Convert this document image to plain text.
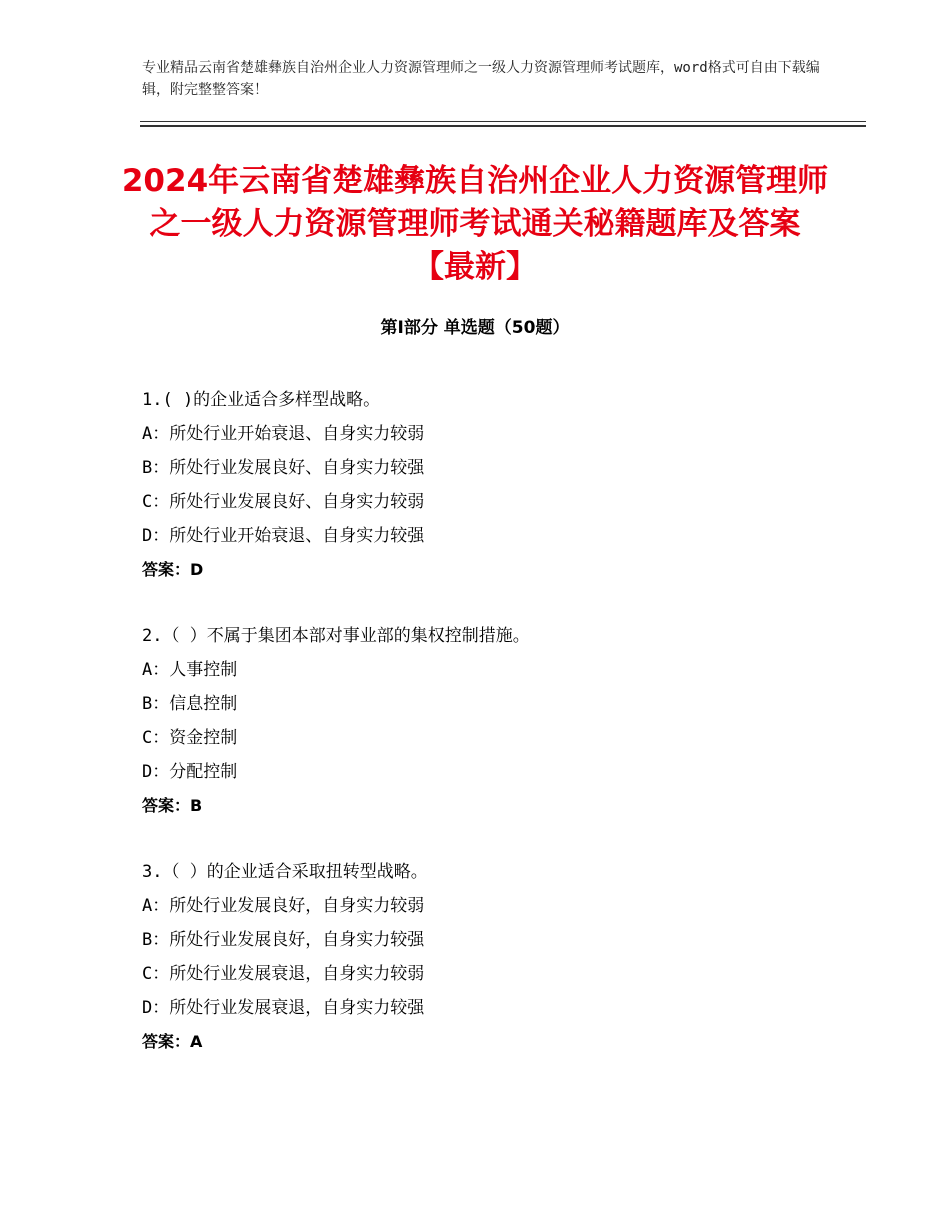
专业精品云南省楚雄彝族自治州企业人力资源管理师之一级人力资源管理师考试题库，word格式可自由下载编辑，附完整整答案！
2024年云南省楚雄彝族自治州企业人力资源管理师之一级人力资源管理师考试通关秘籍题库及答案【最新】
第Ⅰ部分 单选题（50题）
1.( )的企业适合多样型战略。
A：所处行业开始衰退、自身实力较弱
B：所处行业发展良好、自身实力较强
C：所处行业发展良好、自身实力较弱
D：所处行业开始衰退、自身实力较强
答案：D
2.（ ）不属于集团本部对事业部的集权控制措施。
A：人事控制
B：信息控制
C：资金控制
D：分配控制
答案：B
3.（ ）的企业适合采取扭转型战略。
A：所处行业发展良好，自身实力较弱
B：所处行业发展良好，自身实力较强
C：所处行业发展衰退，自身实力较弱
D：所处行业发展衰退，自身实力较强
答案：A
